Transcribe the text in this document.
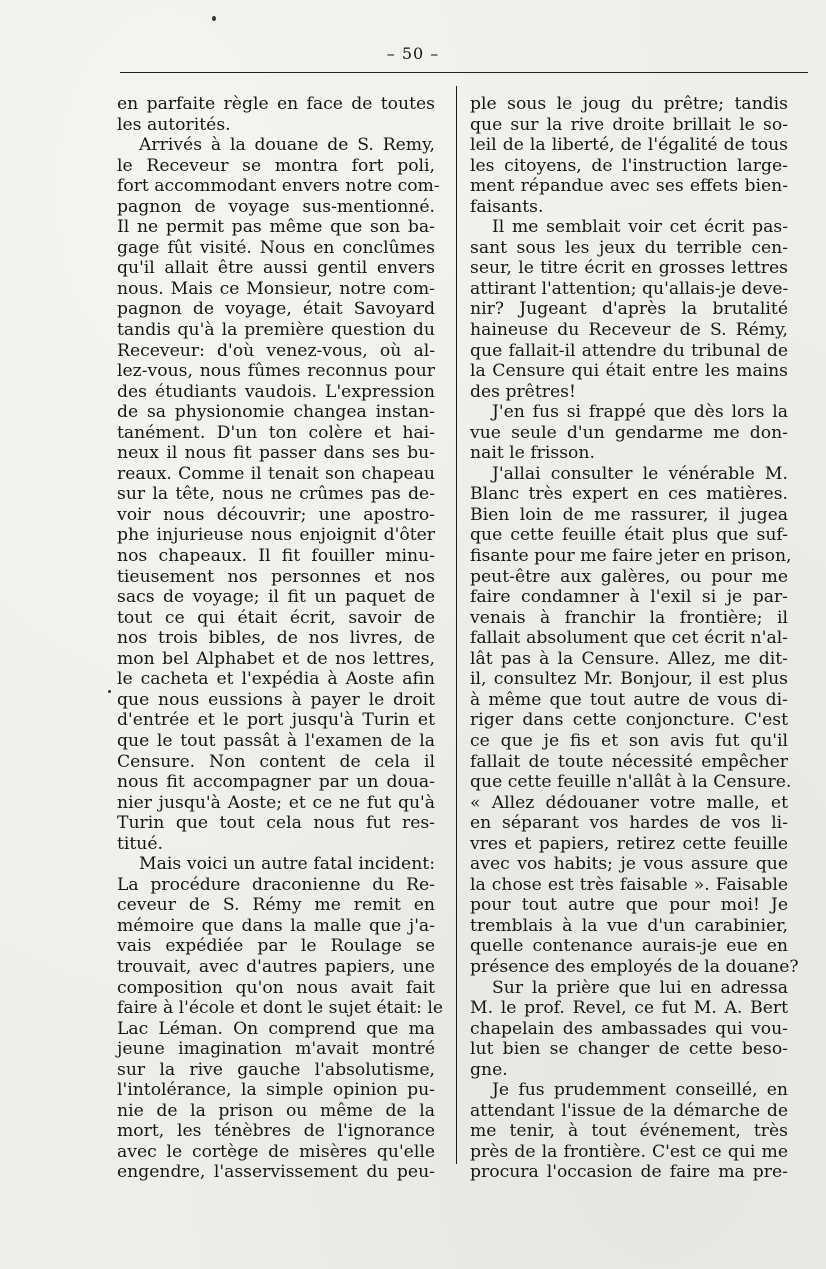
– 50 –
en parfaite règle en face de toutes
les autorités.
Arrivés à la douane de S. Remy,
le Receveur se montra fort poli,
fort accommodant envers notre com-
pagnon de voyage sus-mentionné.
Il ne permit pas même que son ba-
gage fût visité. Nous en conclûmes
qu'il allait être aussi gentil envers
nous. Mais ce Monsieur, notre com-
pagnon de voyage, était Savoyard
tandis qu'à la première question du
Receveur: d'où venez-vous, où al-
lez-vous, nous fûmes reconnus pour
des étudiants vaudois. L'expression
de sa physionomie changea instan-
tanément. D'un ton colère et hai-
neux il nous fit passer dans ses bu-
reaux. Comme il tenait son chapeau
sur la tête, nous ne crûmes pas de-
voir nous découvrir; une apostro-
phe injurieuse nous enjoignit d'ôter
nos chapeaux. Il fit fouiller minu-
tieusement nos personnes et nos
sacs de voyage; il fit un paquet de
tout ce qui était écrit, savoir de
nos trois bibles, de nos livres, de
mon bel Alphabet et de nos lettres,
le cacheta et l'expédia à Aoste afin
que nous eussions à payer le droit
d'entrée et le port jusqu'à Turin et
que le tout passât à l'examen de la
Censure. Non content de cela il
nous fit accompagner par un doua-
nier jusqu'à Aoste; et ce ne fut qu'à
Turin que tout cela nous fut res-
titué.
Mais voici un autre fatal incident:
La procédure draconienne du Re-
ceveur de S. Rémy me remit en
mémoire que dans la malle que j'a-
vais expédiée par le Roulage se
trouvait, avec d'autres papiers, une
composition qu'on nous avait fait
faire à l'école et dont le sujet était: le
Lac Léman. On comprend que ma
jeune imagination m'avait montré
sur la rive gauche l'absolutisme,
l'intolérance, la simple opinion pu-
nie de la prison ou même de la
mort, les ténèbres de l'ignorance
avec le cortège de misères qu'elle
engendre, l'asservissement du peu-
ple sous le joug du prêtre; tandis
que sur la rive droite brillait le so-
leil de la liberté, de l'égalité de tous
les citoyens, de l'instruction large-
ment répandue avec ses effets bien-
faisants.
Il me semblait voir cet écrit pas-
sant sous les jeux du terrible cen-
seur, le titre écrit en grosses lettres
attirant l'attention; qu'allais-je deve-
nir? Jugeant d'après la brutalité
haineuse du Receveur de S. Rémy,
que fallait-il attendre du tribunal de
la Censure qui était entre les mains
des prêtres!
J'en fus si frappé que dès lors la
vue seule d'un gendarme me don-
nait le frisson.
J'allai consulter le vénérable M.
Blanc très expert en ces matières.
Bien loin de me rassurer, il jugea
que cette feuille était plus que suf-
fisante pour me faire jeter en prison,
peut-être aux galères, ou pour me
faire condamner à l'exil si je par-
venais à franchir la frontière; il
fallait absolument que cet écrit n'al-
lât pas à la Censure. Allez, me dit-
il, consultez Mr. Bonjour, il est plus
à même que tout autre de vous di-
riger dans cette conjoncture. C'est
ce que je fis et son avis fut qu'il
fallait de toute nécessité empêcher
que cette feuille n'allât à la Censure.
« Allez dédouaner votre malle, et
en séparant vos hardes de vos li-
vres et papiers, retirez cette feuille
avec vos habits; je vous assure que
la chose est très faisable ». Faisable
pour tout autre que pour moi! Je
tremblais à la vue d'un carabinier,
quelle contenance aurais-je eue en
présence des employés de la douane?
Sur la prière que lui en adressa
M. le prof. Revel, ce fut M. A. Bert
chapelain des ambassades qui vou-
lut bien se changer de cette beso-
gne.
Je fus prudemment conseillé, en
attendant l'issue de la démarche de
me tenir, à tout événement, très
près de la frontière. C'est ce qui me
procura l'occasion de faire ma pre-
